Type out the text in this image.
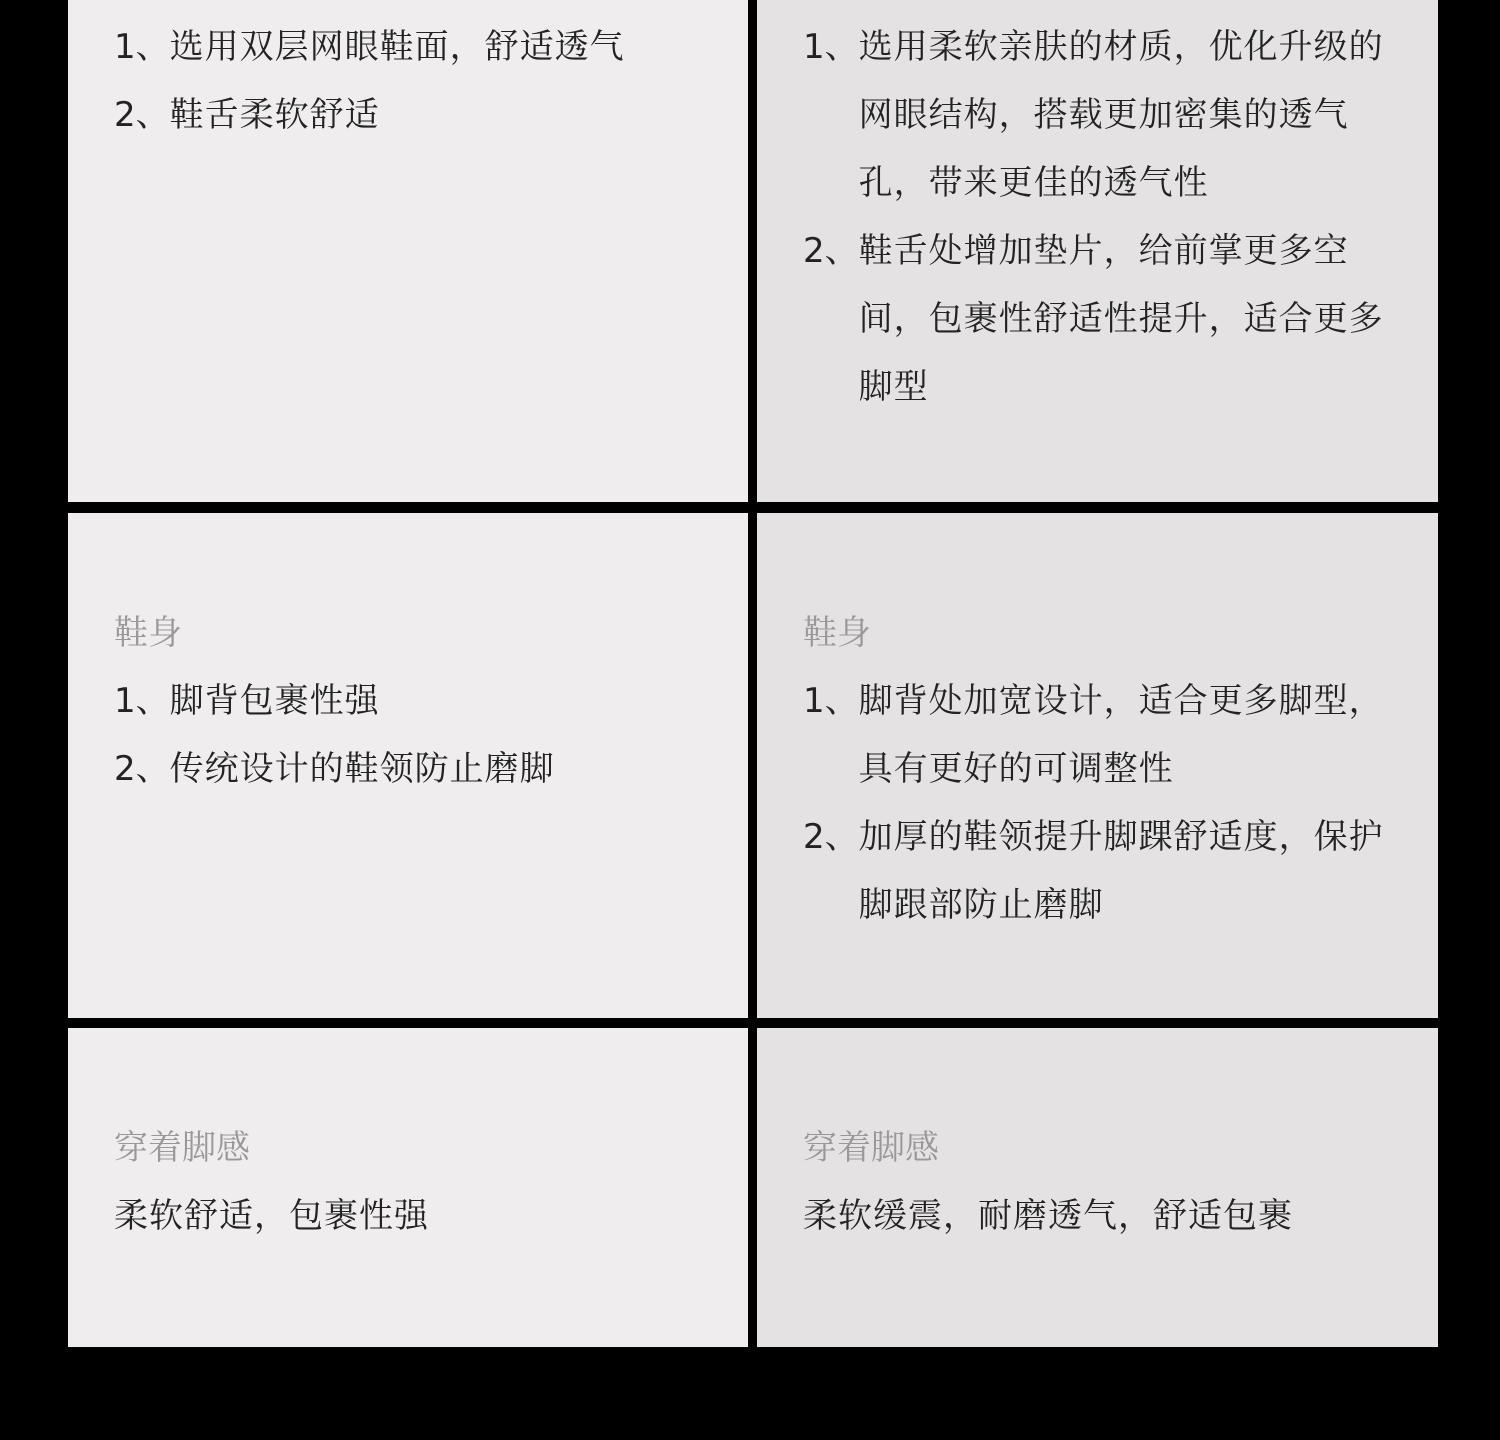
1、 选用双层网眼鞋面，舒适透气
2、 鞋舌柔软舒适
1、 选用柔软亲肤的材质，优化升级的网眼结构，搭载更加密集的透气孔，带来更佳的透气性
2、 鞋舌处增加垫片，给前掌更多空间，包裹性舒适性提升，适合更多脚型
鞋身
1、 脚背包裹性强
2、 传统设计的鞋领防止磨脚
鞋身
1、 脚背处加宽设计，适合更多脚型，具有更好的可调整性
2、 加厚的鞋领提升脚踝舒适度，保护脚跟部防止磨脚
穿着脚感
柔软舒适，包裹性强
穿着脚感
柔软缓震，耐磨透气，舒适包裹
